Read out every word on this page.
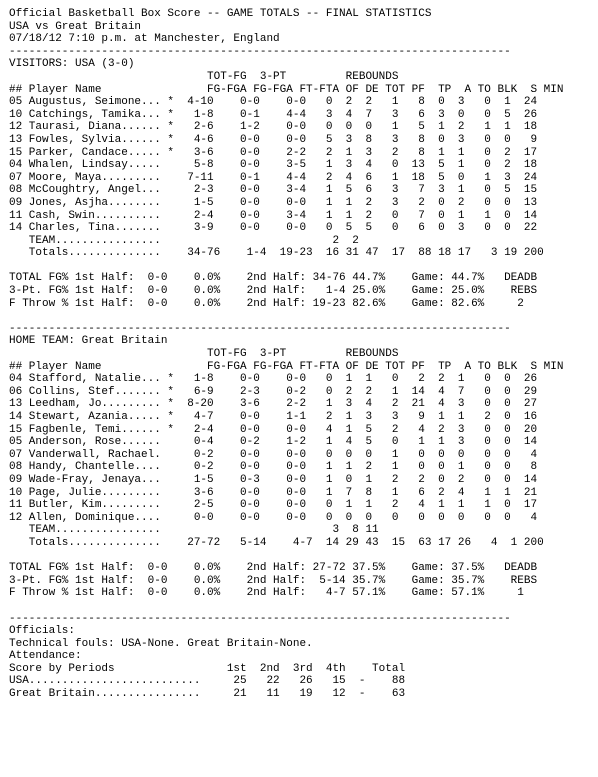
Official Basketball Box Score -- GAME TOTALS -- FINAL STATISTICS
USA vs Great Britain
07/18/12 7:10 p.m. at Manchester, England
----------------------------------------------------------------------------
VISITORS: USA (3-0)
TOT-FG  3-PT         REBOUNDS
## Player Name                FG-FGA FG-FGA FT-FTA OF DE TOT PF  TP  A TO BLK  S MIN
05 Augustus, Seimone... *  4-10    0-0    0-0   0  2  2   1   8  0  3   0  1  24
10 Catchings, Tamika... *   1-8    0-1    4-4   3  4  7   3   6  3  0   0  5  26
12 Taurasi, Diana...... *   2-6    1-2    0-0   0  0  0   1   5  1  2   1  1  18
13 Fowles, Sylvia...... *   4-6    0-0    0-0   5  3  8   3   8  0  3   0  0   9
15 Parker, Candace..... *   3-6    0-0    2-2   2  1  3   2   8  1  1   0  2  17
04 Whalen, Lindsay.....     5-8    0-0    3-5   1  3  4   0  13  5  1   0  2  18
07 Moore, Maya.........    7-11    0-1    4-4   2  4  6   1  18  5  0   1  3  24
08 McCoughtry, Angel...     2-3    0-0    3-4   1  5  6   3   7  3  1   0  5  15
09 Jones, Asjha........     1-5    0-0    0-0   1  1  2   3   2  0  2   0  0  13
11 Cash, Swin..........     2-4    0-0    3-4   1  1  2   0   7  0  1   1  0  14
14 Charles, Tina.......     3-9    0-0    0-0   0  5  5   0   6  0  3   0  0  22
TEAM................                          2  2
Totals..............    34-76    1-4  19-23  16 31 47  17  88 18 17   3 19 200
TOTAL FG% 1st Half:  0-0    0.0%    2nd Half: 34-76 44.7%    Game: 44.7%   DEADB
3-Pt. FG% 1st Half:  0-0    0.0%    2nd Half:   1-4 25.0%    Game: 25.0%    REBS
F Throw % 1st Half:  0-0    0.0%    2nd Half: 19-23 82.6%    Game: 82.6%     2
----------------------------------------------------------------------------
HOME TEAM: Great Britain
TOT-FG  3-PT         REBOUNDS
## Player Name                FG-FGA FG-FGA FT-FTA OF DE TOT PF  TP  A TO BLK  S MIN
04 Stafford, Natalie... *   1-8    0-0    0-0   0  1  1   0   2  2  1   0  0  26
06 Collins, Stef....... *   6-9    2-3    0-2   0  2  2   1  14  4  7   0  0  29
13 Leedham, Jo......... *  8-20    3-6    2-2   1  3  4   2  21  4  3   0  0  27
14 Stewart, Azania..... *   4-7    0-0    1-1   2  1  3   3   9  1  1   2  0  16
15 Fagbenle, Temi...... *   2-4    0-0    0-0   4  1  5   2   4  2  3   0  0  20
05 Anderson, Rose......     0-4    0-2    1-2   1  4  5   0   1  1  3   0  0  14
07 Vanderwall, Rachael.     0-2    0-0    0-0   0  0  0   1   0  0  0   0  0   4
08 Handy, Chantelle....     0-2    0-0    0-0   1  1  2   1   0  0  1   0  0   8
09 Wade-Fray, Jenaya...     1-5    0-3    0-0   1  0  1   2   2  0  2   0  0  14
10 Page, Julie.........     3-6    0-0    0-0   1  7  8   1   6  2  4   1  1  21
11 Butler, Kim.........     2-5    0-0    0-0   0  1  1   2   4  1  1   1  0  17
12 Allen, Dominique....     0-0    0-0    0-0   0  0  0   0   0  0  0   0  0   4
TEAM................                          3  8 11
Totals..............    27-72   5-14    4-7  14 29 43  15  63 17 26   4  1 200
TOTAL FG% 1st Half:  0-0    0.0%    2nd Half: 27-72 37.5%    Game: 37.5%   DEADB
3-Pt. FG% 1st Half:  0-0    0.0%    2nd Half:  5-14 35.7%    Game: 35.7%    REBS
F Throw % 1st Half:  0-0    0.0%    2nd Half:   4-7 57.1%    Game: 57.1%     1
----------------------------------------------------------------------------
Officials:
Technical fouls: USA-None. Great Britain-None.
Attendance:
Score by Periods                 1st  2nd  3rd  4th    Total
USA..........................     25   22   26   15  -    88
Great Britain................     21   11   19   12  -    63
